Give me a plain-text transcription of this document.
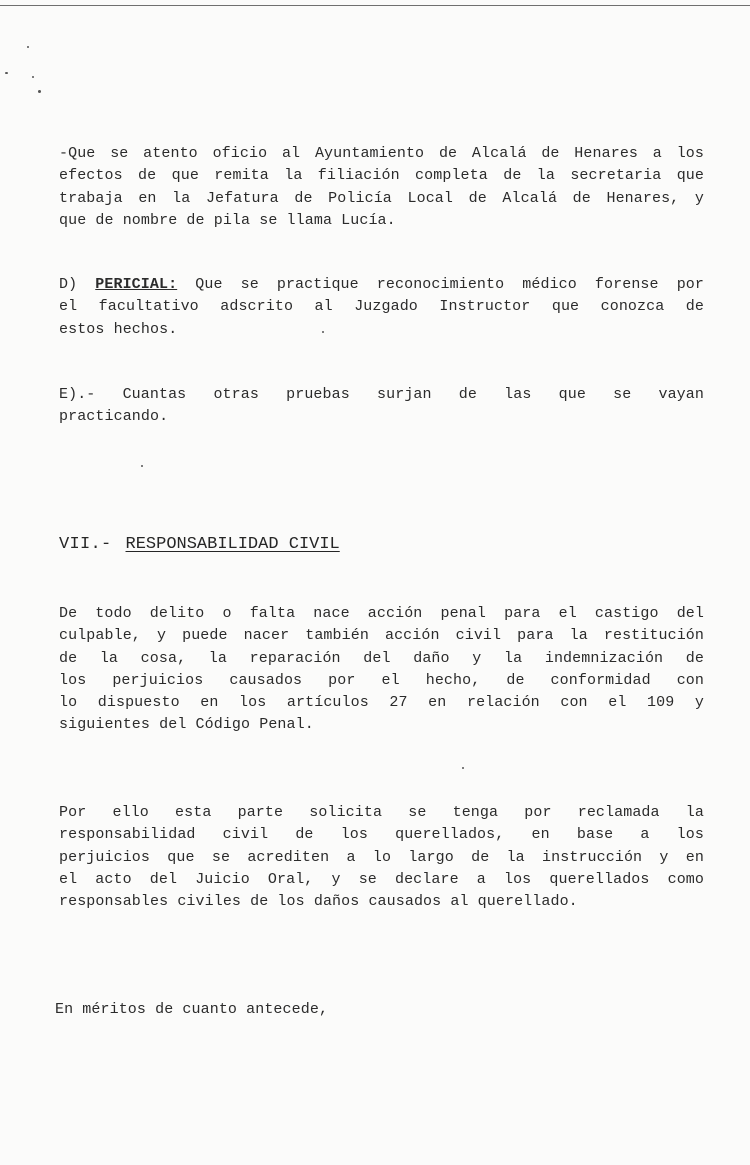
-Que se atento oficio al Ayuntamiento de Alcalá de Henares a los
efectos de que remita la filiación completa de la secretaria que
trabaja en la Jefatura de Policía Local de Alcalá de Henares, y
que de nombre de pila se llama Lucía.
D) PERICIAL: Que se practique reconocimiento médico forense por
el facultativo adscrito al Juzgado Instructor que conozca de
estos hechos.
E).- Cuantas otras pruebas surjan de las que se vayan
practicando.
VII.- RESPONSABILIDAD CIVIL
De todo delito o falta nace acción penal para el castigo del
culpable, y puede nacer también acción civil para la restitución
de la cosa, la reparación del daño y la indemnización de
los perjuicios causados por el hecho, de conformidad con
lo dispuesto en los artículos 27 en relación con el 109 y
siguientes del Código Penal.
Por ello esta parte solicita se tenga por reclamada la
responsabilidad civil de los querellados, en base a los
perjuicios que se acrediten a lo largo de la instrucción y en
el acto del Juicio Oral, y se declare a los querellados como
responsables civiles de los daños causados al querellado.
En méritos de cuanto antecede,
